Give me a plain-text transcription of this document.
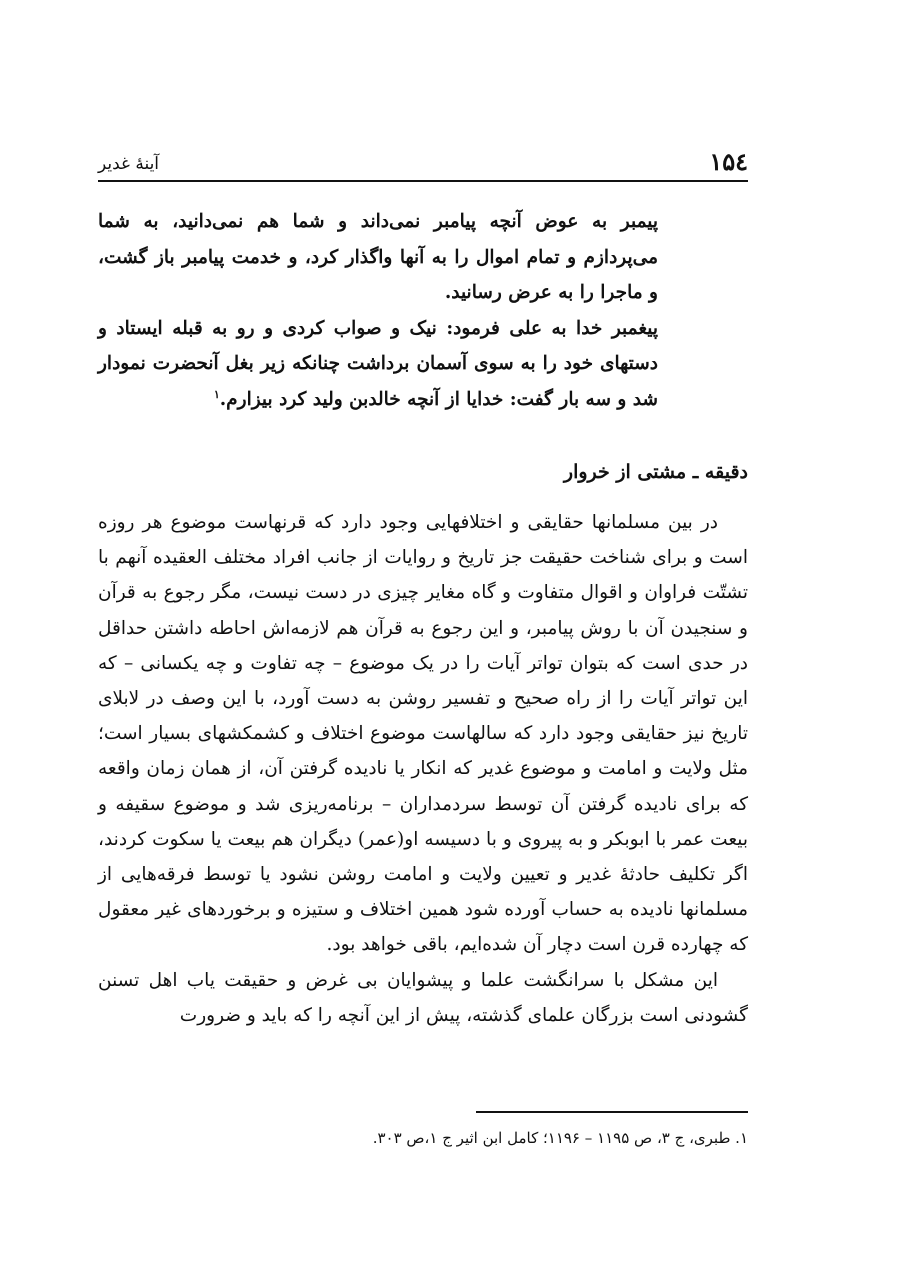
۱۵٤
آینهٔ غدیر

پیمبر به عوض آنچه پیامبر نمی‌داند و شما هم نمی‌دانید، به شما می‌پردازم و تمام اموال را به آنها واگذار کرد، و خدمت پیامبر باز گشت، و ماجرا را به عرض رسانید.

پیغمبر خدا به علی فرمود: نیک و صواب کردی و رو به قبله ایستاد و دستهای خود را به سوی آسمان برداشت چنانکه زیر بغل آنحضرت نمودار شد و سه بار گفت: خدایا از آنچه خالدبن ولید کرد بیزارم.$^۱$

دقیقه ـ مشتی از خروار

در بین مسلمانها حقایقی و اختلافهایی وجود دارد که قرنهاست موضوع هر روزه است و برای شناخت حقیقت جز تاریخ و روایات از جانب افراد مختلف العقیده آنهم با تشتّت فراوان و اقوال متفاوت و گاه مغایر چیزی در دست نیست، مگر رجوع به قرآن و سنجیدن آن با روش پیامبر، و این رجوع به قرآن هم لازمه‌اش احاطه داشتن حداقل در حدی است که بتوان تواتر آیات را در یک موضوع – چه تفاوت و چه یکسانی – که این تواتر آیات را از راه صحیح و تفسیر روشن به دست آورد، با این وصف در لابلای تاریخ نیز حقایقی وجود دارد که سالهاست موضوع اختلاف و کشمکشهای بسیار است؛ مثل ولایت و امامت و موضوع غدیر که انکار یا نادیده گرفتن آن، از همان زمان واقعه که برای نادیده گرفتن آن توسط سردمداران – برنامه‌ریزی شد و موضوع سقیفه و بیعت عمر با ابوبکر و به پیروی و با دسیسه او(عمر) دیگران هم بیعت یا سکوت کردند، اگر تکلیف حادثهٔ غدیر و تعیین ولایت و امامت روشن نشود یا توسط فرقه‌هایی از مسلمانها نادیده به حساب آورده شود همین اختلاف و ستیزه و برخوردهای غیر معقول که چهارده قرن است دچار آن شده‌ایم، باقی خواهد بود.

این مشکل با سرانگشت علما و پیشوایان بی غرض و حقیقت یاب اهل تسنن گشودنی است بزرگان علمای گذشته، پیش از این آنچه را که باید و ضرورت

۱. طبری، ج ۳، ص ۱۱۹۵ – ۱۱۹۶؛ کامل ابن اثیر ج ۱،ص ۳۰۳.
